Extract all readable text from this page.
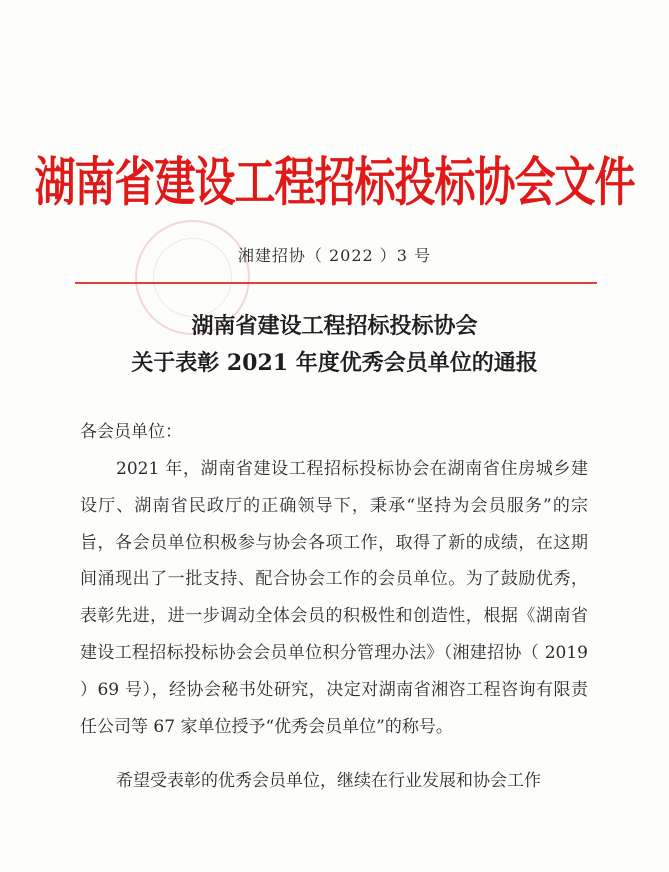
湖南省建设工程招标投标协会文件
湘建招协（ 2022 ）3 号
湖南省建设工程招标投标协会
关于表彰 2021 年度优秀会员单位的通报
各会员单位：

2021 年，湖南省建设工程招标投标协会在湖南省住房城乡建设厅、湖南省民政厅的正确领导下，秉承“坚持为会员服务”的宗旨，各会员单位积极参与协会各项工作，取得了新的成绩，在这期间涌现出了一批支持、配合协会工作的会员单位。为了鼓励优秀，表彰先进，进一步调动全体会员的积极性和创造性，根据《湖南省建设工程招标投标协会会员单位积分管理办法》（湘建招协（ 2019 ）69 号），经协会秘书处研究，决定对湖南省湘咨工程咨询有限责任公司等 67 家单位授予“优秀会员单位”的称号。

希望受表彰的优秀会员单位，继续在行业发展和协会工作
